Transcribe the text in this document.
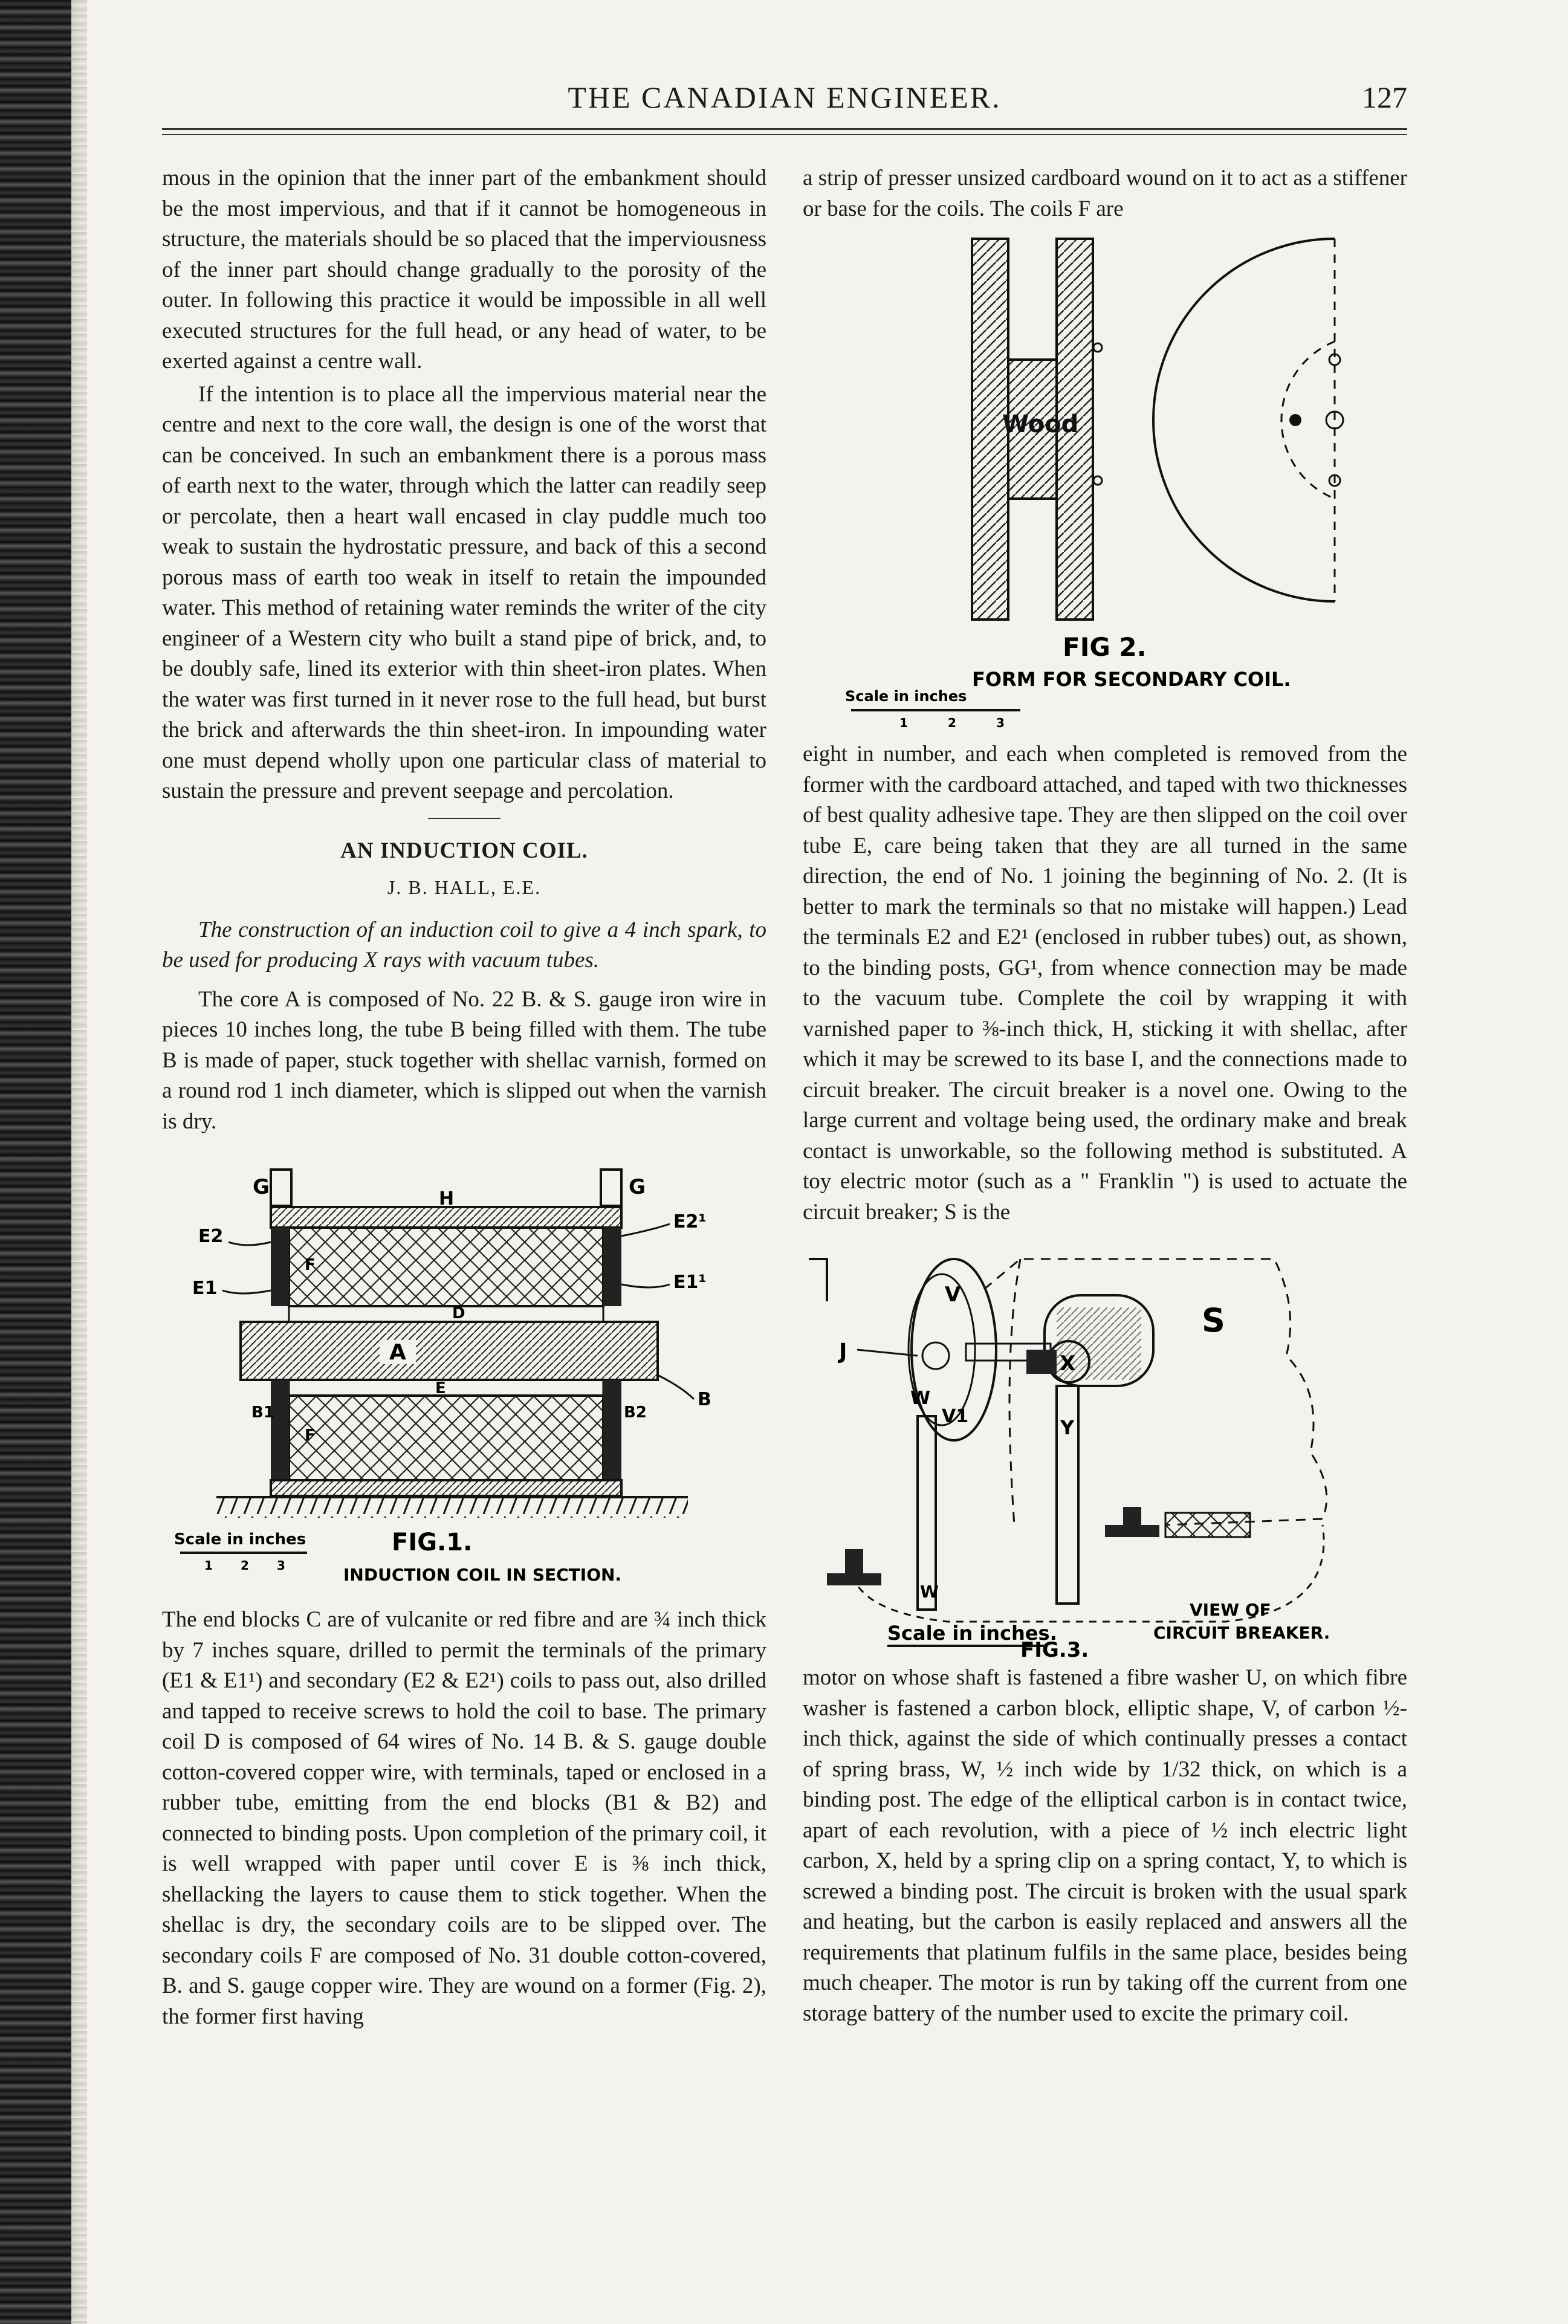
THE CANADIAN ENGINEER.	127

mous in the opinion that the inner part of the embankment should be the most impervious, and that if it cannot be homogeneous in structure, the materials should be so placed that the imperviousness of the inner part should change gradually to the porosity of the outer. In following this practice it would be impossible in all well executed structures for the full head, or any head of water, to be exerted against a centre wall.

If the intention is to place all the impervious material near the centre and next to the core wall, the design is one of the worst that can be conceived. In such an embankment there is a porous mass of earth next to the water, through which the latter can readily seep or percolate, then a heart wall encased in clay puddle much too weak to sustain the hydrostatic pressure, and back of this a second porous mass of earth too weak in itself to retain the impounded water. This method of retaining water reminds the writer of the city engineer of a Western city who built a stand pipe of brick, and, to be doubly safe, lined its exterior with thin sheet-iron plates. When the water was first turned in it never rose to the full head, but burst the brick and afterwards the thin sheet-iron. In impounding water one must depend wholly upon one particular class of material to sustain the pressure and prevent seepage and percolation.

AN INDUCTION COIL.
J. B. HALL, E.E.

The construction of an induction coil to give a 4 inch spark, to be used for producing X rays with vacuum tubes.

The core A is composed of No. 22 B. & S. gauge iron wire in pieces 10 inches long, the tube B being filled with them. The tube B is made of paper, stuck together with shellac varnish, formed on a round rod 1 inch diameter, which is slipped out when the varnish is dry.

G	G
H
E2
E2¹
E1	E1¹
D
A
E
B
B1	B2
F
F
Scale in inches
1 2 3
FIG.1.
INDUCTION COIL IN SECTION.

The end blocks C are of vulcanite or red fibre and are ¾ inch thick by 7 inches square, drilled to permit the terminals of the primary (E1 & E1¹) and secondary (E2 & E2¹) coils to pass out, also drilled and tapped to receive screws to hold the coil to base. The primary coil D is composed of 64 wires of No. 14 B. & S. gauge double cotton-covered copper wire, with terminals, taped or enclosed in a rubber tube, emitting from the end blocks (B1 & B2) and connected to binding posts. Upon completion of the primary coil, it is well wrapped with paper until cover E is ⅜ inch thick, shellacking the layers to cause them to stick together. When the shellac is dry, the secondary coils are to be slipped over. The secondary coils F are composed of No. 31 double cotton-covered, B. and S. gauge copper wire. They are wound on a former (Fig. 2), the former first having

a strip of presser unsized cardboard wound on it to act as a stiffener or base for the coils. The coils F are

Wood
FIG 2.
FORM FOR SECONDARY COIL.
Scale in inches
1	2	3

eight in number, and each when completed is removed from the former with the cardboard attached, and taped with two thicknesses of best quality adhesive tape. They are then slipped on the coil over tube E, care being taken that they are all turned in the same direction, the end of No. 1 joining the beginning of No. 2. (It is better to mark the terminals so that no mistake will happen.) Lead the terminals E2 and E2¹ (enclosed in rubber tubes) out, as shown, to the binding posts, GG¹, from whence connection may be made to the vacuum tube. Complete the coil by wrapping it with varnished paper to ⅜-inch thick, H, sticking it with shellac, after which it may be screwed to its base I, and the connections made to circuit breaker. The circuit breaker is a novel one. Owing to the large current and voltage being used, the ordinary make and break contact is unworkable, so the following method is substituted. A toy electric motor (such as a " Franklin ") is used to actuate the circuit breaker; S is the

J
V
V1
W
W
X
Y
S
Scale in inches.
VIEW OF
CIRCUIT BREAKER.
FIG.3.

motor on whose shaft is fastened a fibre washer U, on which fibre washer is fastened a carbon block, elliptic shape, V, of carbon ½-inch thick, against the side of which continually presses a contact of spring brass, W, ½ inch wide by 1/32 thick, on which is a binding post. The edge of the elliptical carbon is in contact twice, apart of each revolution, with a piece of ½ inch electric light carbon, X, held by a spring clip on a spring contact, Y, to which is screwed a binding post. The circuit is broken with the usual spark and heating, but the carbon is easily replaced and answers all the requirements that platinum fulfils in the same place, besides being much cheaper. The motor is run by taking off the current from one storage battery of the number used to excite the primary coil.
